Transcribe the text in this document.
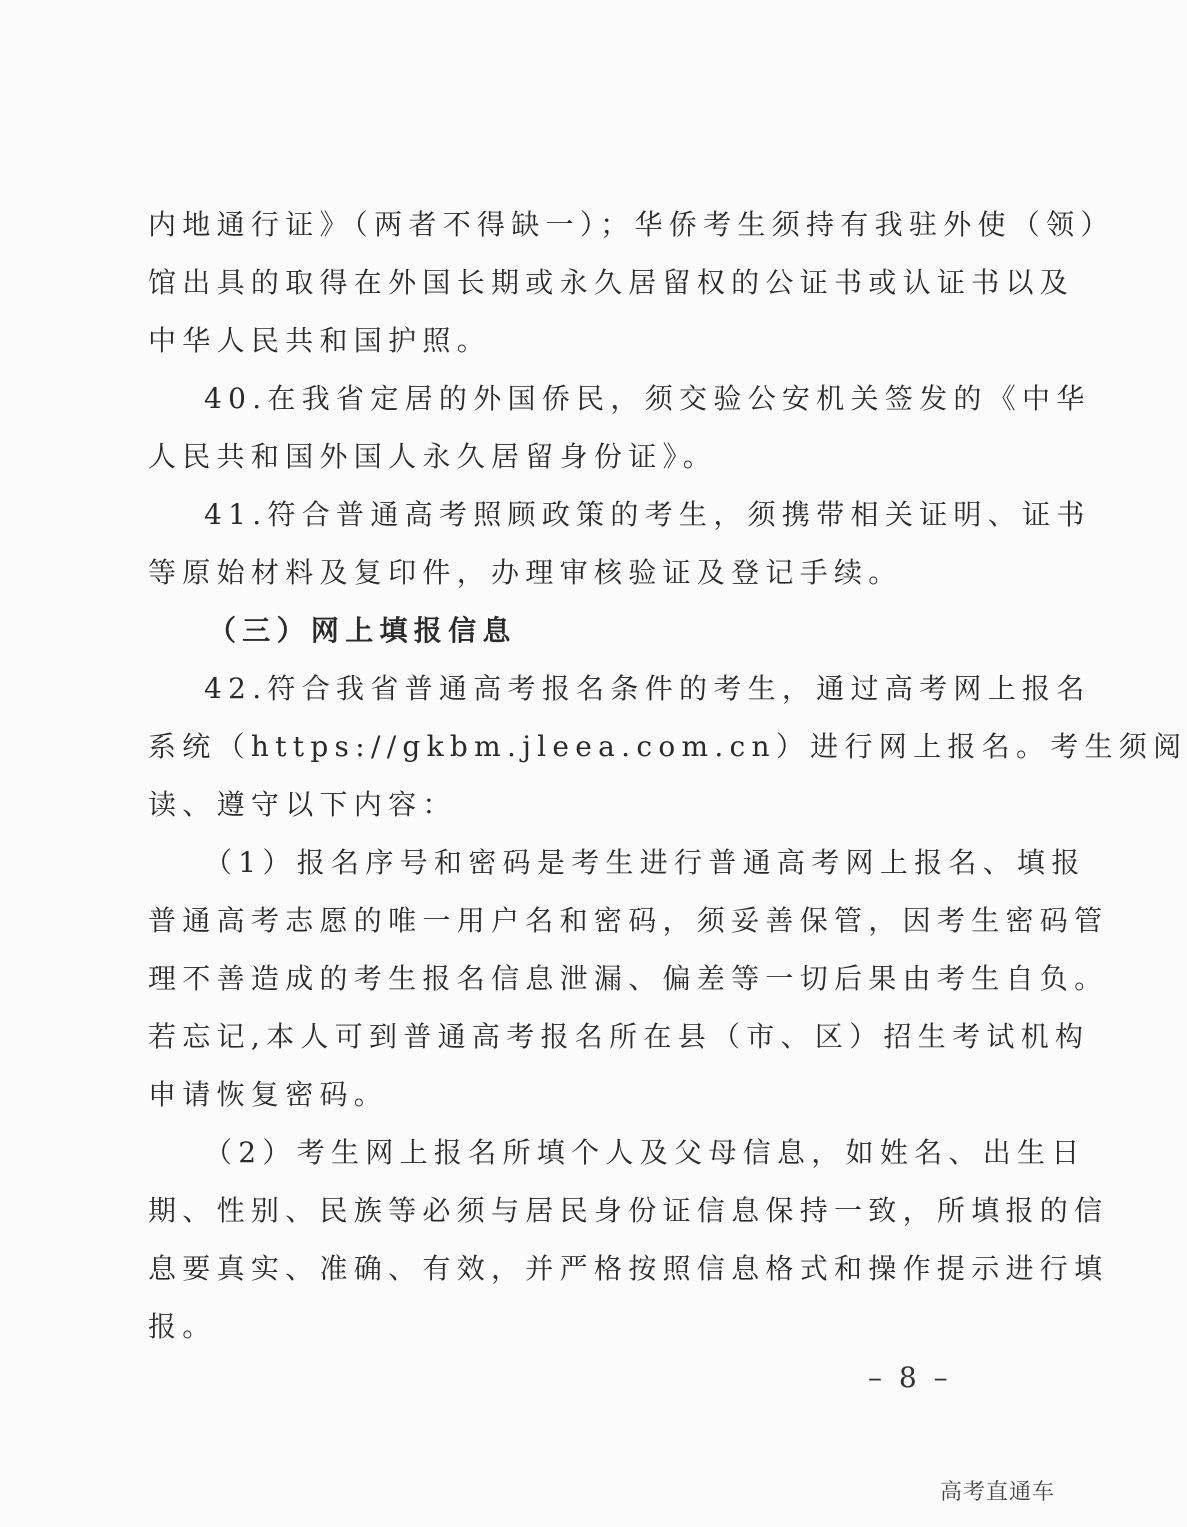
内地通行证》（两者不得缺一）；华侨考生须持有我驻外使（领）
馆出具的取得在外国长期或永久居留权的公证书或认证书以及
中华人民共和国护照。
40.在我省定居的外国侨民，须交验公安机关签发的《中华
人民共和国外国人永久居留身份证》。
41.符合普通高考照顾政策的考生，须携带相关证明、证书
等原始材料及复印件，办理审核验证及登记手续。
（三）网上填报信息
42.符合我省普通高考报名条件的考生，通过高考网上报名
系统（https://gkbm.jleea.com.cn）进行网上报名。考生须阅
读、遵守以下内容：
（1）报名序号和密码是考生进行普通高考网上报名、填报
普通高考志愿的唯一用户名和密码，须妥善保管，因考生密码管
理不善造成的考生报名信息泄漏、偏差等一切后果由考生自负。
若忘记,本人可到普通高考报名所在县（市、区）招生考试机构
申请恢复密码。
（2）考生网上报名所填个人及父母信息，如姓名、出生日
期、性别、民族等必须与居民身份证信息保持一致，所填报的信
息要真实、准确、有效，并严格按照信息格式和操作提示进行填
报。
– 8 –
高考直通车
